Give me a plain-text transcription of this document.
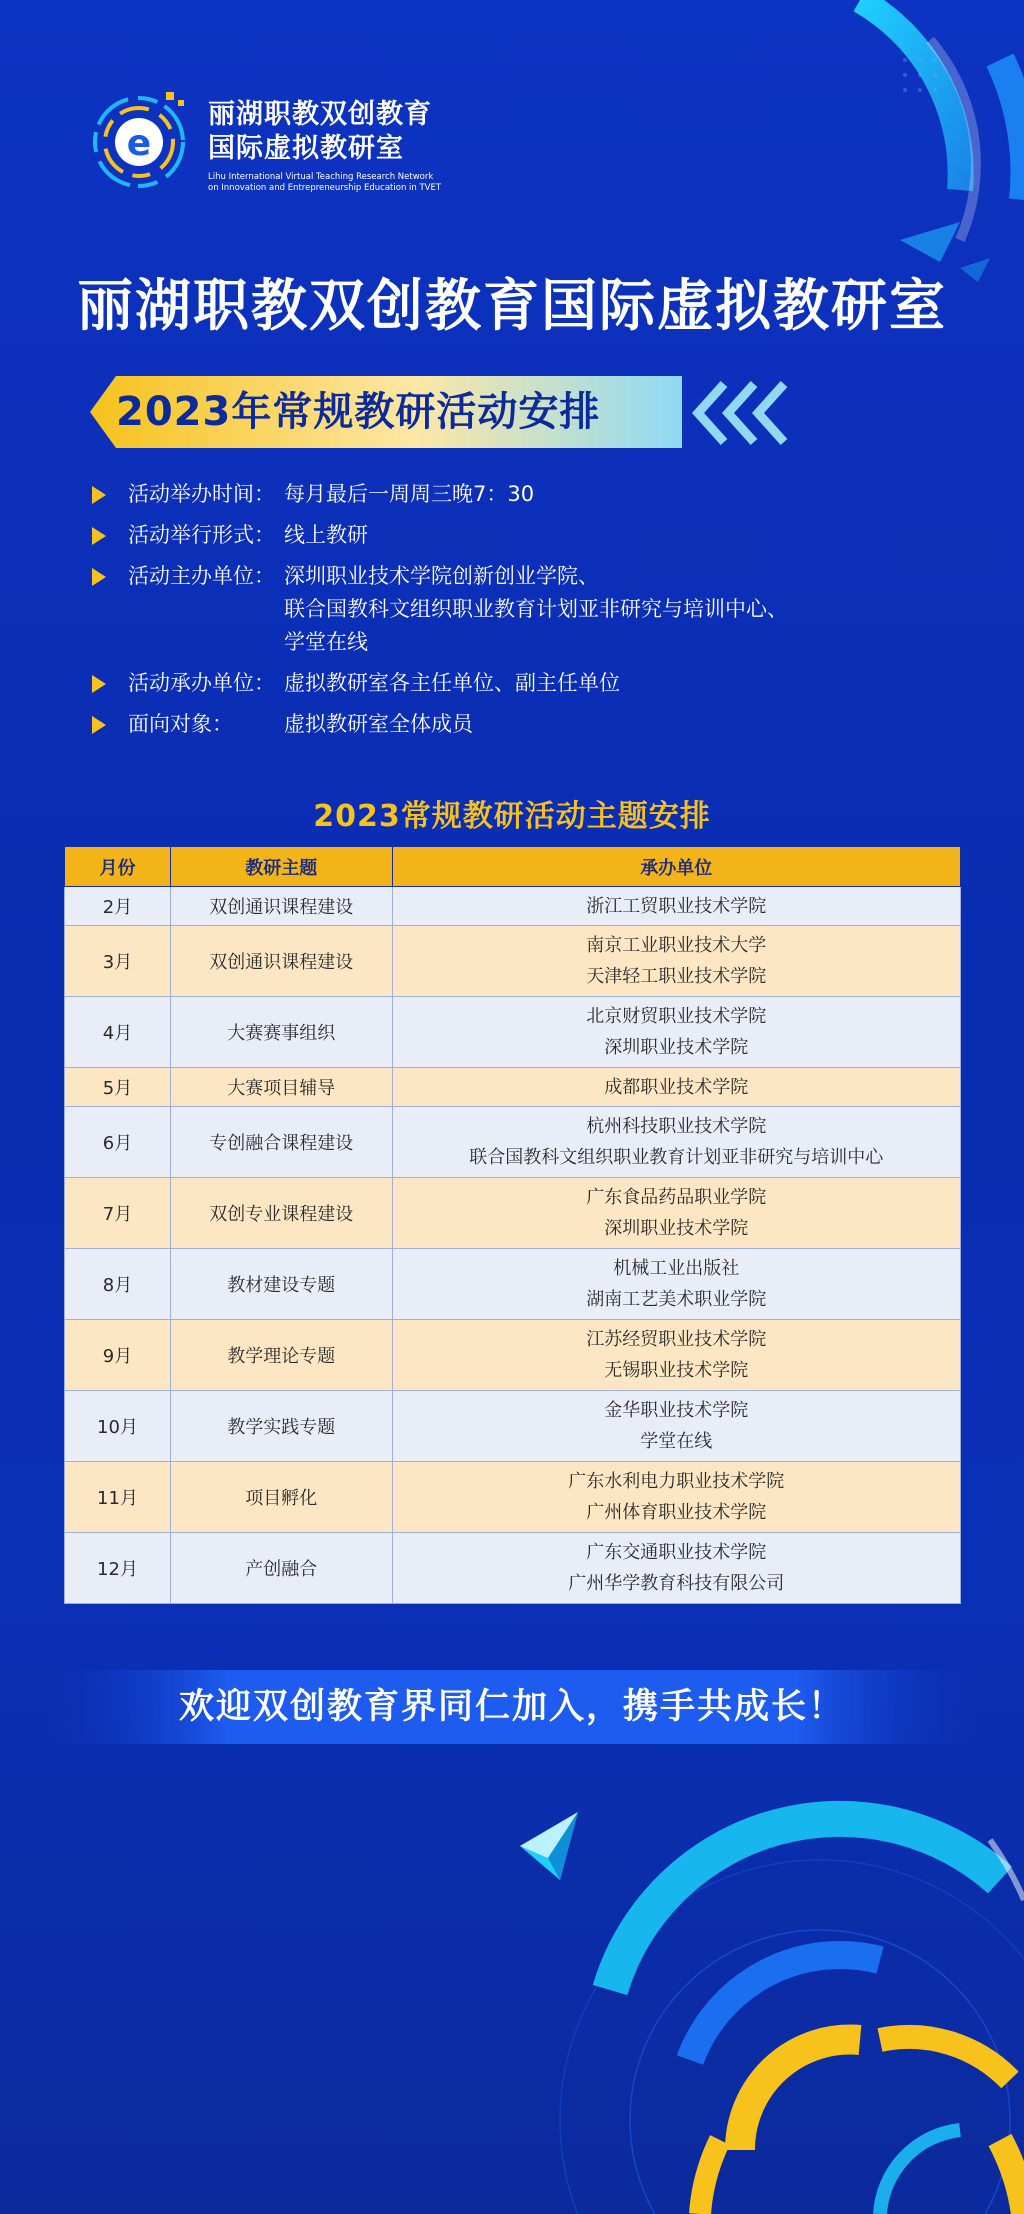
e
丽湖职教双创教育
国际虚拟教研室
Lihu International Virtual Teaching Research Network
on Innovation and Entrepreneurship Education in TVET
丽湖职教双创教育国际虚拟教研室
2023年常规教研活动安排
活动举办时间： 每月最后一周周三晚7：30
活动举行形式： 线上教研
活动主办单位： 深圳职业技术学院创新创业学院、
联合国教科文组织职业教育计划亚非研究与培训中心、
学堂在线
活动承办单位： 虚拟教研室各主任单位、副主任单位
面向对象： 虚拟教研室全体成员
2023常规教研活动主题安排
月份	教研主题	承办单位
2月	双创通识课程建设	浙江工贸职业技术学院

3月	双创通识课程建设	南京工业职业技术大学
天津轻工职业技术学院

4月	大赛赛事组织	北京财贸职业技术学院
深圳职业技术学院

5月	大赛项目辅导	成都职业技术学院

6月	专创融合课程建设	杭州科技职业技术学院
联合国教科文组织职业教育计划亚非研究与培训中心

7月	双创专业课程建设	广东食品药品职业学院
深圳职业技术学院

8月	教材建设专题	机械工业出版社
湖南工艺美术职业学院

9月	教学理论专题	江苏经贸职业技术学院
无锡职业技术学院

10月	教学实践专题	金华职业技术学院
学堂在线

11月	项目孵化	广东水利电力职业技术学院
广州体育职业技术学院

12月	产创融合	广东交通职业技术学院
广州华学教育科技有限公司
欢迎双创教育界同仁加入，携手共成长！
